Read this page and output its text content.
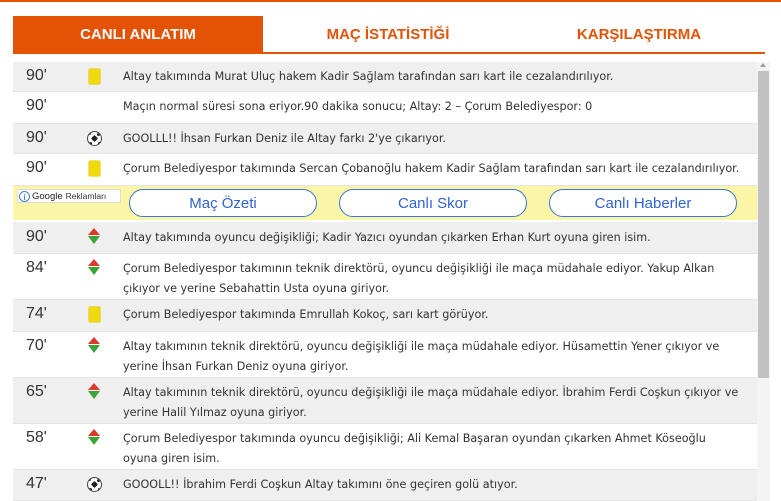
CANLI ANLATIM	MAÇ İSTATİSTİĞİ	KARŞILAŞTIRMA
90'	Altay takımında Murat Uluç hakem Kadir Sağlam tarafından sarı kart ile cezalandırılıyor.
90'	Maçın normal süresi sona eriyor.90 dakika sonucu; Altay: 2 – Çorum Belediyespor: 0
90'	GOOLLL!! İhsan Furkan Deniz ile Altay farkı 2'ye çıkarıyor.
90'	Çorum Belediyespor takımında Sercan Çobanoğlu hakem Kadir Sağlam tarafından sarı kart ile cezalandırılıyor.
i Google Reklamları	Maç Özeti	Canlı Skor	Canlı Haberler
90'	Altay takımında oyuncu değişikliği; Kadir Yazıcı oyundan çıkarken Erhan Kurt oyuna giren isim.
84'	Çorum Belediyespor takımının teknik direktörü, oyuncu değişikliği ile maça müdahale ediyor. Yakup Alkan çıkıyor ve yerine Sebahattin Usta oyuna giriyor.
74'	Çorum Belediyespor takımında Emrullah Kokoç, sarı kart görüyor.
70'	Altay takımının teknik direktörü, oyuncu değişikliği ile maça müdahale ediyor. Hüsamettin Yener çıkıyor ve yerine İhsan Furkan Deniz oyuna giriyor.
65'	Altay takımının teknik direktörü, oyuncu değişikliği ile maça müdahale ediyor. İbrahim Ferdi Coşkun çıkıyor ve yerine Halil Yılmaz oyuna giriyor.
58'	Çorum Belediyespor takımında oyuncu değişikliği; Ali Kemal Başaran oyundan çıkarken Ahmet Köseoğlu oyuna giren isim.
47'	GOOOLL!! İbrahim Ferdi Coşkun Altay takımını öne geçiren golü atıyor.
